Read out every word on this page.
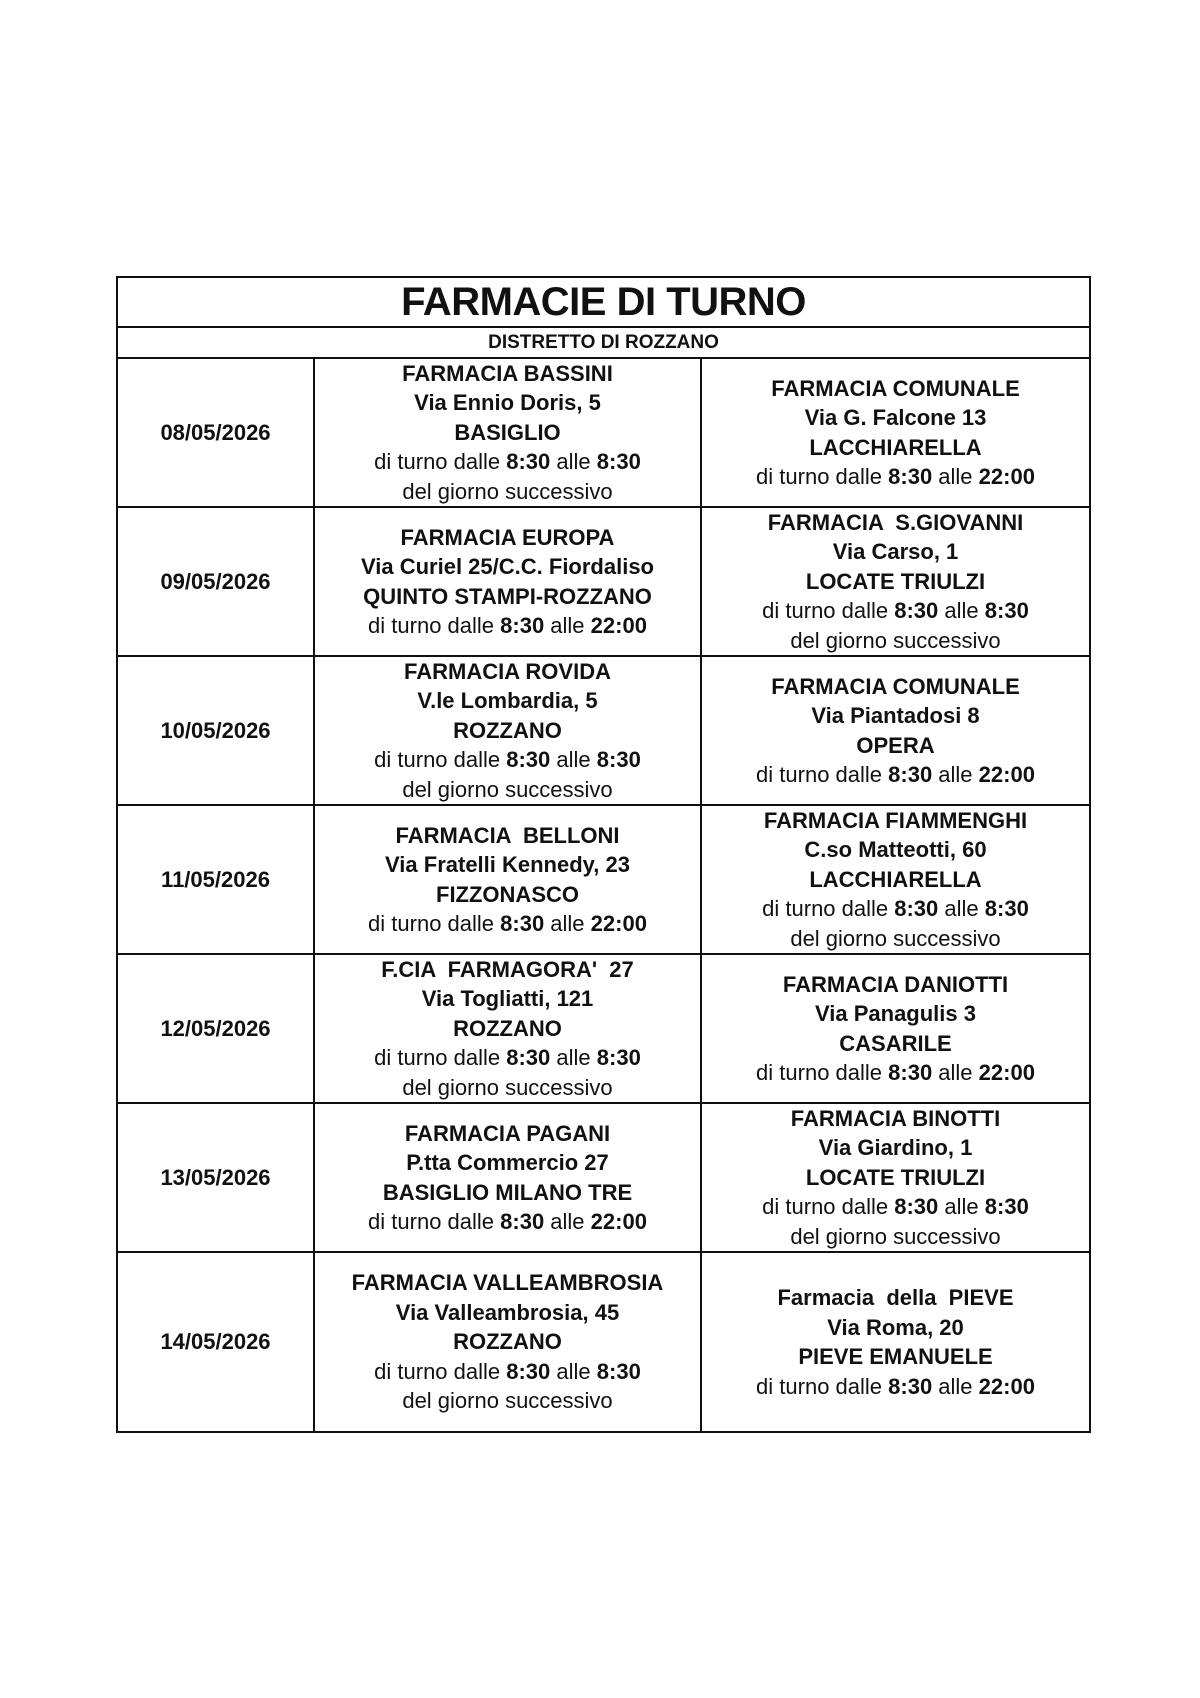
FARMACIE DI TURNO
DISTRETTO DI ROZZANO
08/05/2026
FARMACIA BASSINI
Via Ennio Doris, 5
BASIGLIO
di turno dalle 8:30 alle 8:30
del giorno successivo
FARMACIA COMUNALE
Via G. Falcone 13
LACCHIARELLA
di turno dalle 8:30 alle 22:00
09/05/2026
FARMACIA EUROPA
Via Curiel 25/C.C. Fiordaliso
QUINTO STAMPI-ROZZANO
di turno dalle 8:30 alle 22:00
FARMACIA  S.GIOVANNI
Via Carso, 1
LOCATE TRIULZI
di turno dalle 8:30 alle 8:30
del giorno successivo
10/05/2026
FARMACIA ROVIDA
V.le Lombardia, 5
ROZZANO
di turno dalle 8:30 alle 8:30
del giorno successivo
FARMACIA COMUNALE
Via Piantadosi 8
OPERA
di turno dalle 8:30 alle 22:00
11/05/2026
FARMACIA  BELLONI
Via Fratelli Kennedy, 23
FIZZONASCO
di turno dalle 8:30 alle 22:00
FARMACIA FIAMMENGHI
C.so Matteotti, 60
LACCHIARELLA
di turno dalle 8:30 alle 8:30
del giorno successivo
12/05/2026
F.CIA  FARMAGORA'  27
Via Togliatti, 121
ROZZANO
di turno dalle 8:30 alle 8:30
del giorno successivo
FARMACIA DANIOTTI
Via Panagulis 3
CASARILE
di turno dalle 8:30 alle 22:00
13/05/2026
FARMACIA PAGANI
P.tta Commercio 27
BASIGLIO MILANO TRE
di turno dalle 8:30 alle 22:00
FARMACIA BINOTTI
Via Giardino, 1
LOCATE TRIULZI
di turno dalle 8:30 alle 8:30
del giorno successivo
14/05/2026
FARMACIA VALLEAMBROSIA
Via Valleambrosia, 45
ROZZANO
di turno dalle 8:30 alle 8:30
del giorno successivo
Farmacia  della  PIEVE
Via Roma, 20
PIEVE EMANUELE
di turno dalle 8:30 alle 22:00
